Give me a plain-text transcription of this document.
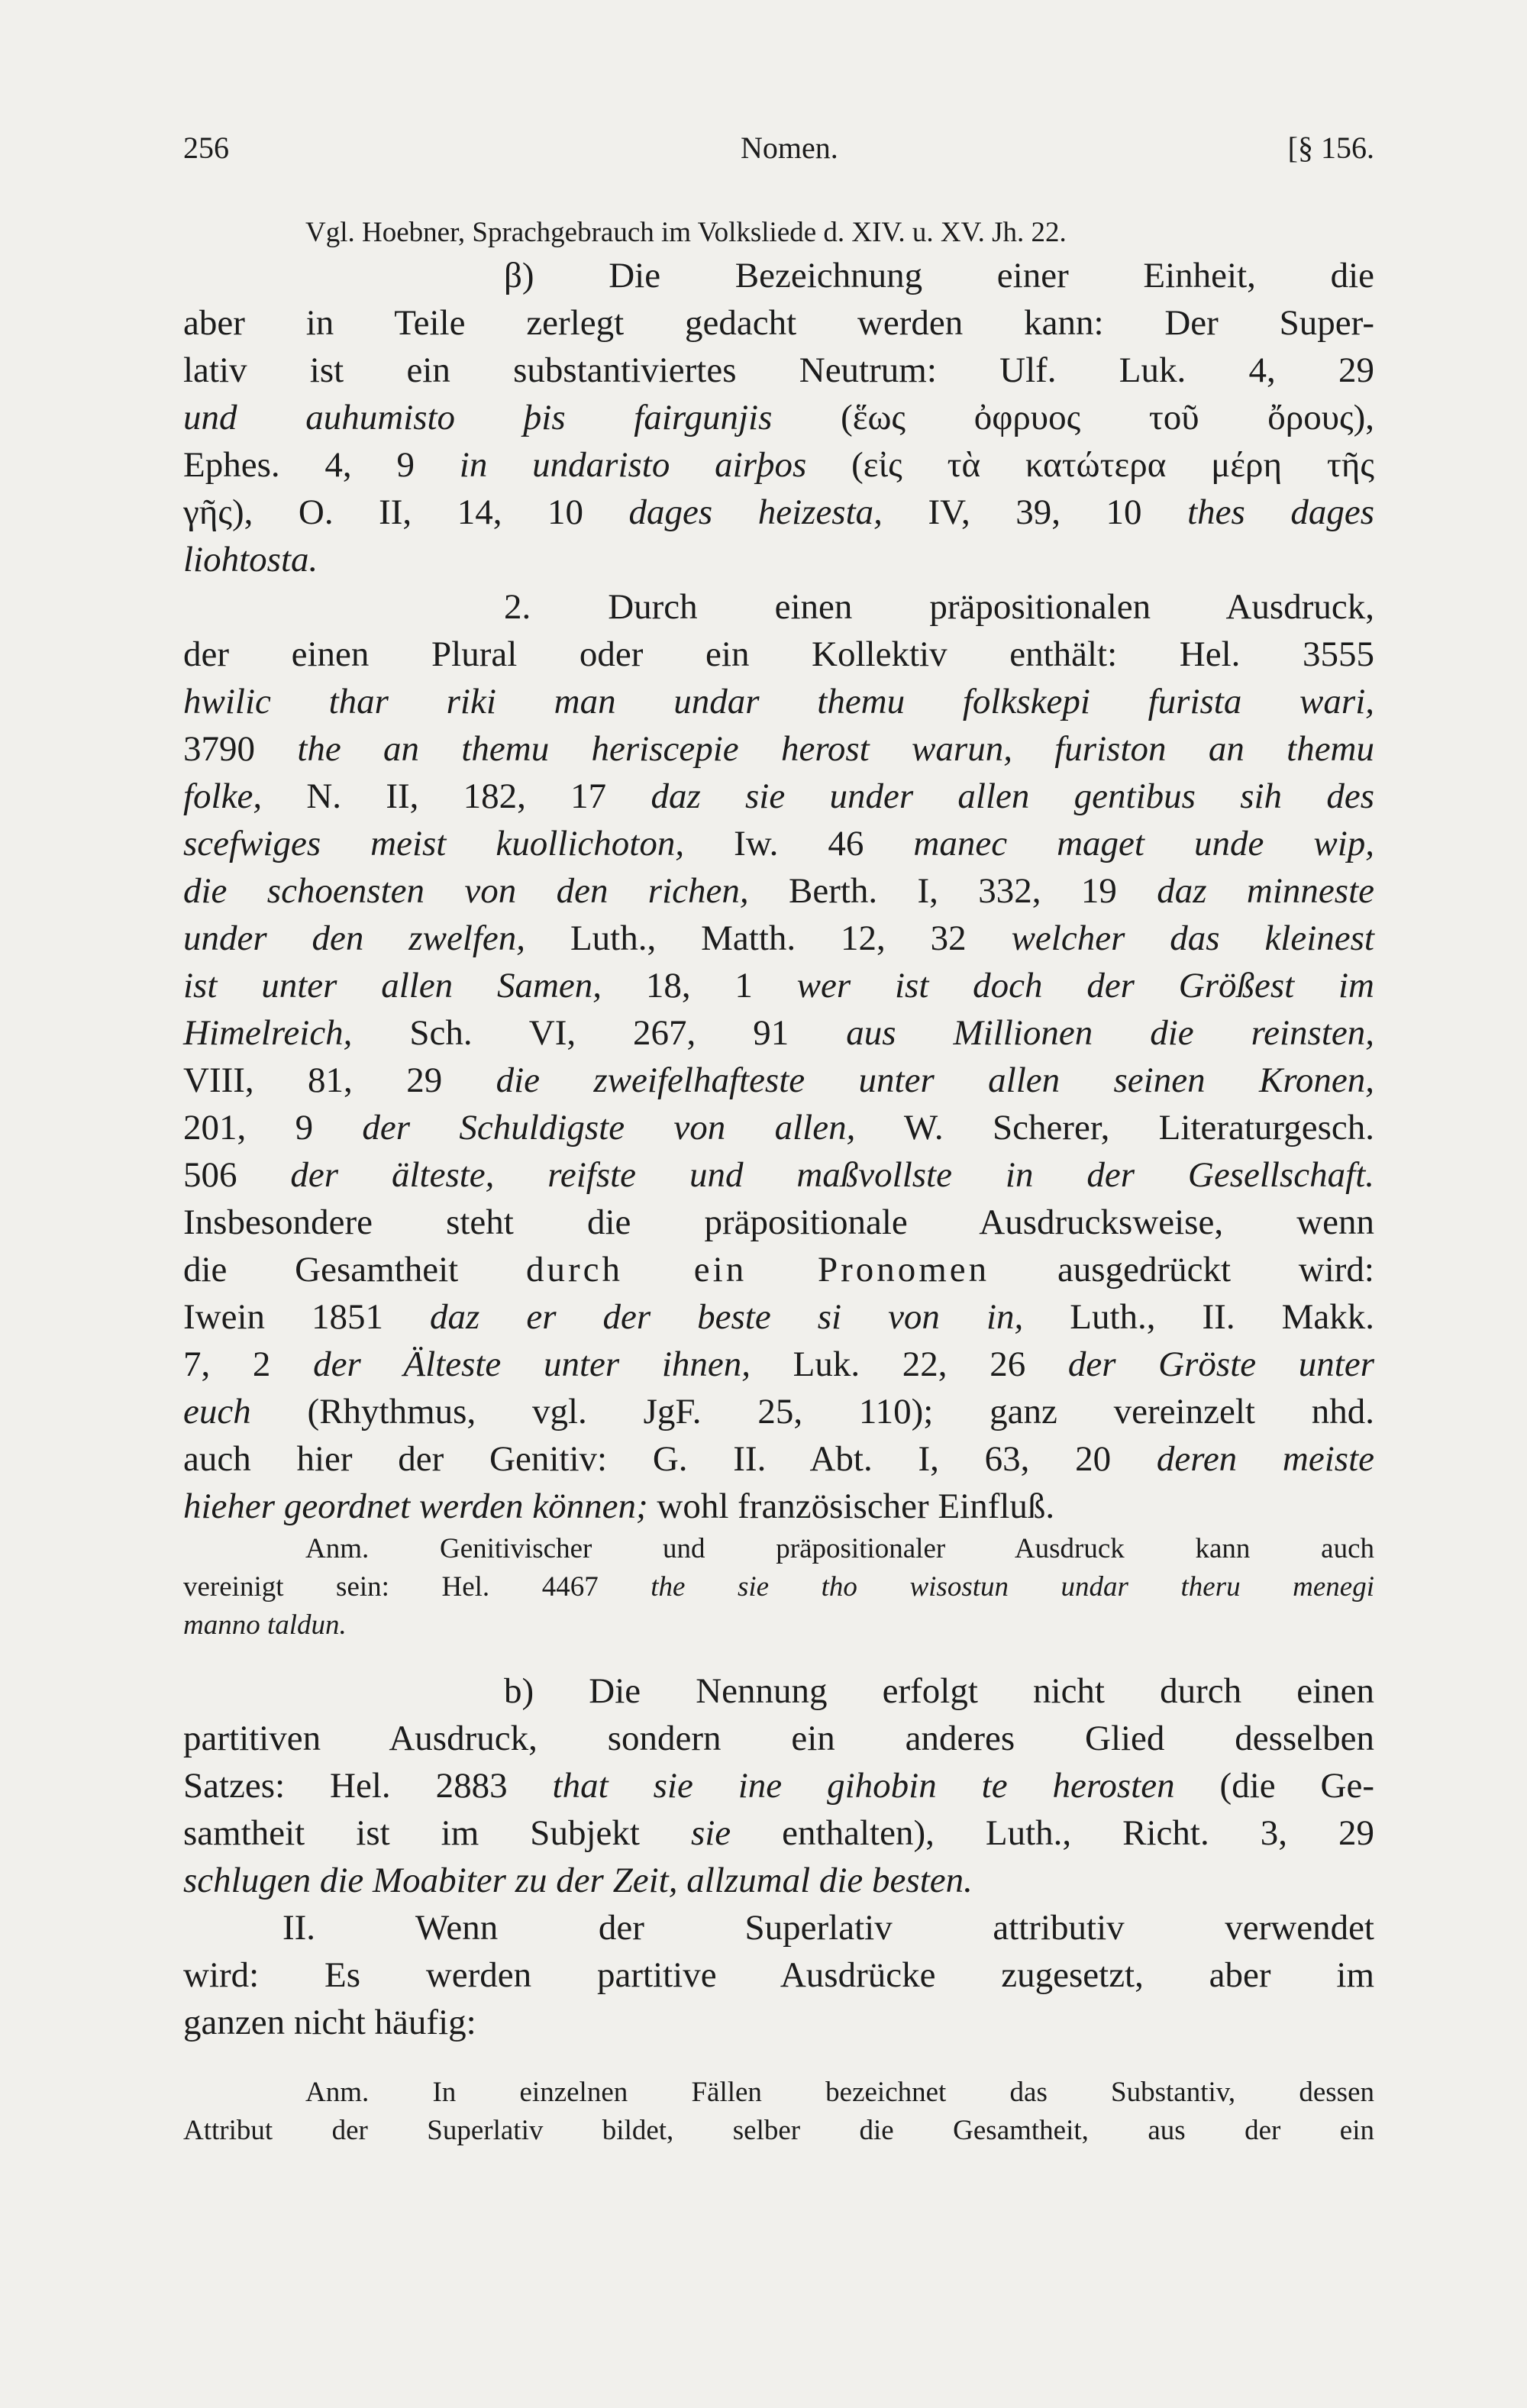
256	Nomen.	[§ 156.
Vgl. Hoebner, Sprachgebrauch im Volksliede d. XIV. u. XV. Jh. 22.
β) Die Bezeichnung einer Einheit, die
aber in Teile zerlegt gedacht werden kann: Der Super-
lativ ist ein substantiviertes Neutrum: Ulf. Luk. 4, 29
und auhumisto þis fairgunjis (ἕως ὀφρυος τοῦ ὄρους),
Ephes. 4, 9 in undaristo airþos (εἰς τὰ κατώτερα μέρη τῆς
γῆς), O. II, 14, 10 dages heizesta, IV, 39, 10 thes dages
liohtosta.
2. Durch einen präpositionalen Ausdruck,
der einen Plural oder ein Kollektiv enthält: Hel. 3555
hwilic thar riki man undar themu folkskepi furista wari,
3790 the an themu heriscepie herost warun, furiston an themu
folke, N. II, 182, 17 daz sie under allen gentibus sih des
scefwiges meist kuollichoton, Iw. 46 manec maget unde wip,
die schoensten von den richen, Berth. I, 332, 19 daz minneste
under den zwelfen, Luth., Matth. 12, 32 welcher das kleinest
ist unter allen Samen, 18, 1 wer ist doch der Größest im
Himelreich, Sch. VI, 267, 91 aus Millionen die reinsten,
VIII, 81, 29 die zweifelhafteste unter allen seinen Kronen,
201, 9 der Schuldigste von allen, W. Scherer, Literaturgesch.
506 der älteste, reifste und maßvollste in der Gesellschaft.
Insbesondere steht die präpositionale Ausdrucksweise, wenn
die Gesamtheit durch ein Pronomen ausgedrückt wird:
Iwein 1851 daz er der beste si von in, Luth., II. Makk.
7, 2 der Älteste unter ihnen, Luk. 22, 26 der Gröste unter
euch (Rhythmus, vgl. JgF. 25, 110); ganz vereinzelt nhd.
auch hier der Genitiv: G. II. Abt. I, 63, 20 deren meiste
hieher geordnet werden können; wohl französischer Einfluß.
Anm. Genitivischer und präpositionaler Ausdruck kann auch
vereinigt sein: Hel. 4467 the sie tho wisostun undar theru menegi
manno taldun.
b) Die Nennung erfolgt nicht durch einen
partitiven Ausdruck, sondern ein anderes Glied desselben
Satzes: Hel. 2883 that sie ine gihobin te herosten (die Ge-
samtheit ist im Subjekt sie enthalten), Luth., Richt. 3, 29
schlugen die Moabiter zu der Zeit, allzumal die besten.
II. Wenn der Superlativ attributiv verwendet
wird: Es werden partitive Ausdrücke zugesetzt, aber im
ganzen nicht häufig:
Anm. In einzelnen Fällen bezeichnet das Substantiv, dessen
Attribut der Superlativ bildet, selber die Gesamtheit, aus der ein
